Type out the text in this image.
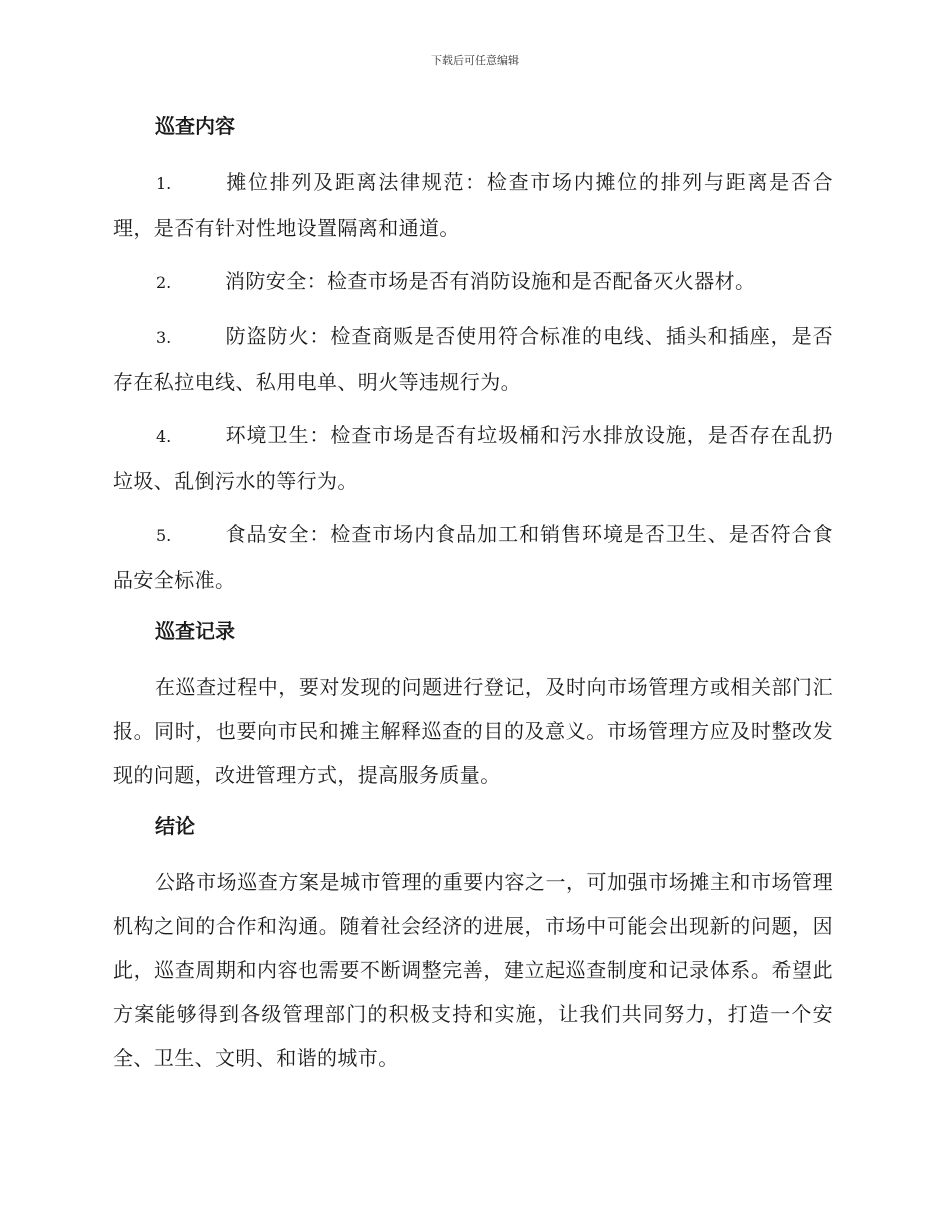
下载后可任意编辑
巡查内容

1.	摊位排列及距离法律规范：检查市场内摊位的排列与距离是否合理，是否有针对性地设置隔离和通道。

2.	消防安全：检查市场是否有消防设施和是否配备灭火器材。

3.	防盗防火：检查商贩是否使用符合标准的电线、插头和插座，是否存在私拉电线、私用电单、明火等违规行为。

4.	环境卫生：检查市场是否有垃圾桶和污水排放设施，是否存在乱扔垃圾、乱倒污水的等行为。

5.	食品安全：检查市场内食品加工和销售环境是否卫生、是否符合食品安全标准。

巡查记录

在巡查过程中，要对发现的问题进行登记，及时向市场管理方或相关部门汇报。同时，也要向市民和摊主解释巡查的目的及意义。市场管理方应及时整改发现的问题，改进管理方式，提高服务质量。

结论

公路市场巡查方案是城市管理的重要内容之一，可加强市场摊主和市场管理机构之间的合作和沟通。随着社会经济的进展，市场中可能会出现新的问题，因此，巡查周期和内容也需要不断调整完善，建立起巡查制度和记录体系。希望此方案能够得到各级管理部门的积极支持和实施，让我们共同努力，打造一个安全、卫生、文明、和谐的城市。
